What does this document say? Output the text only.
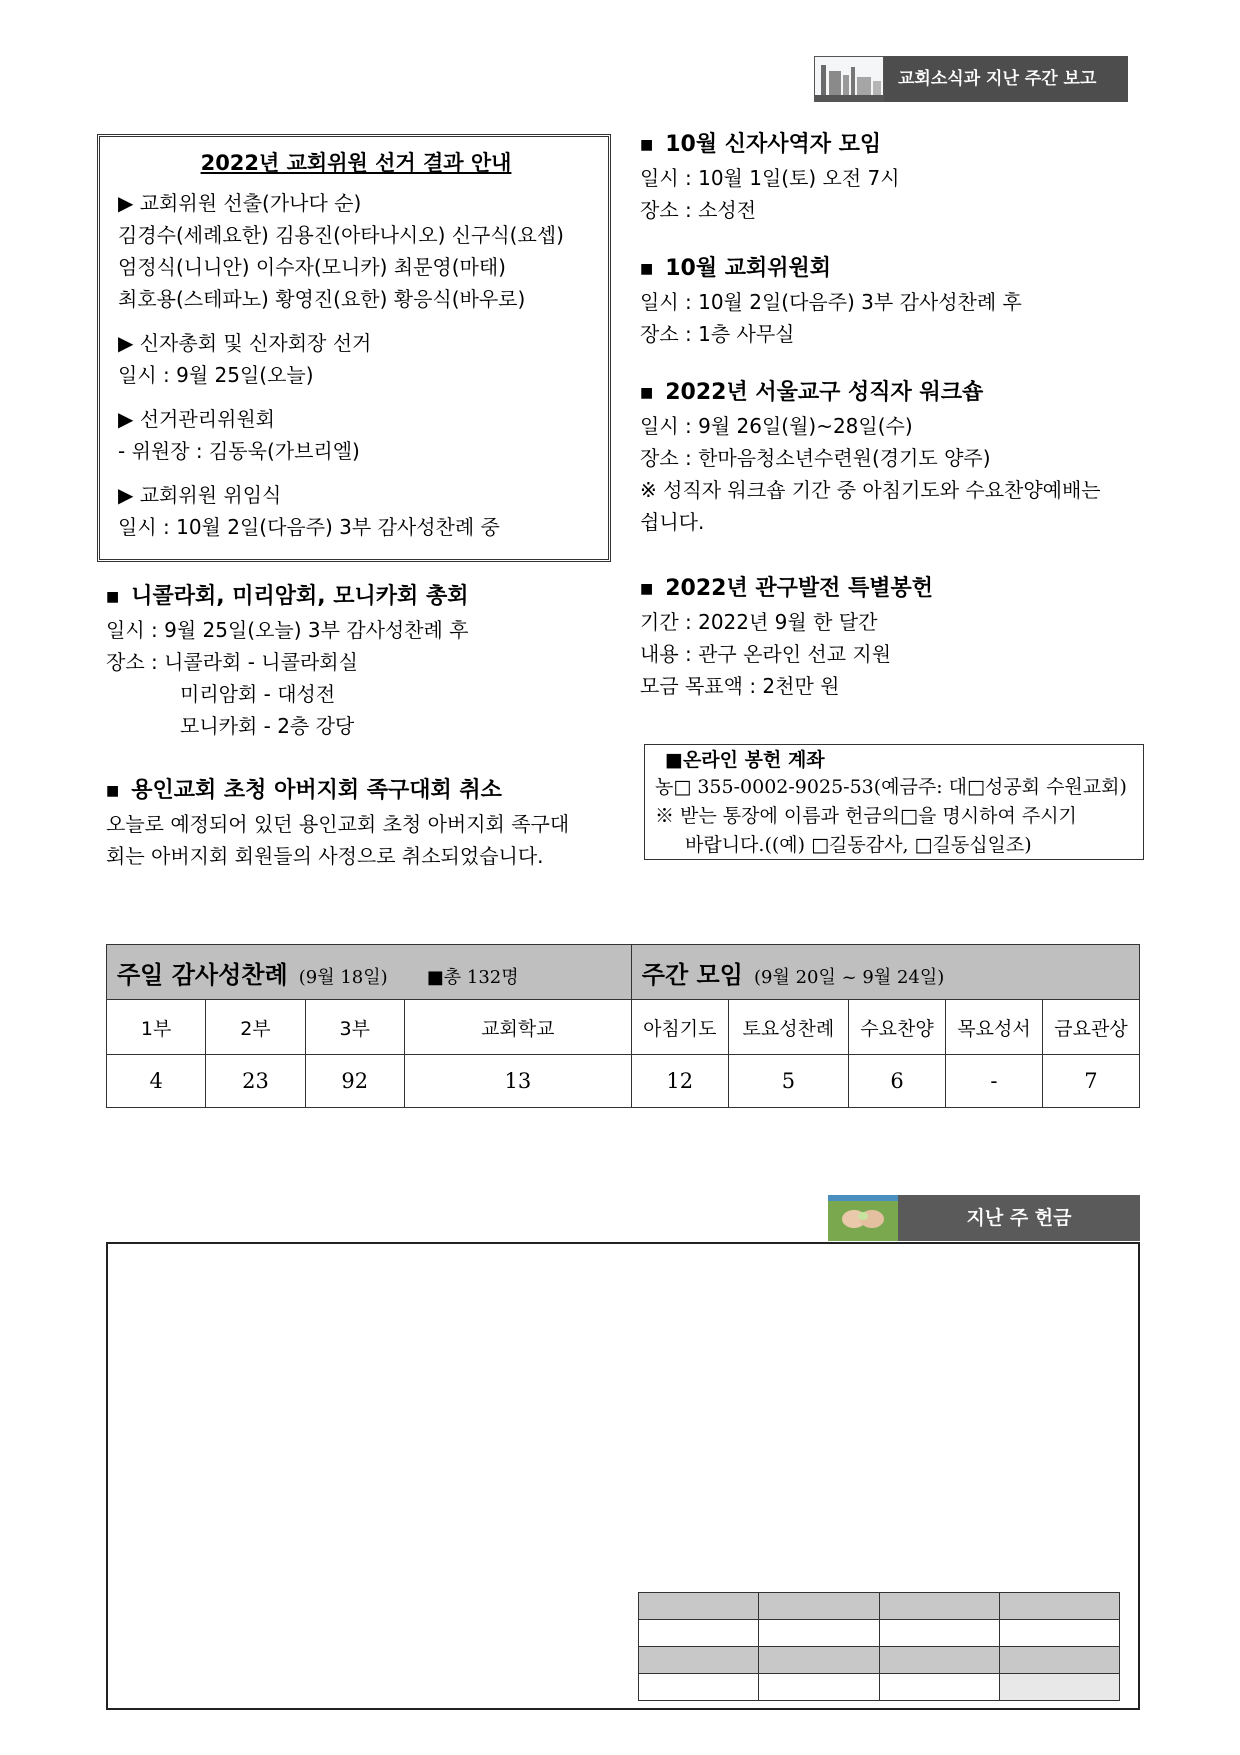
교회소식과 지난 주간 보고
2022년 교회위원 선거 결과 안내
▶ 교회위원 선출(가나다 순)
김경수(세례요한) 김용진(아타나시오) 신구식(요셉)
엄정식(니니안) 이수자(모니카) 최문영(마태)
최호용(스테파노) 황영진(요한) 황응식(바우로)
▶ 신자총회 및 신자회장 선거
일시 : 9월 25일(오늘)
▶ 선거관리위원회
- 위원장 : 김동욱(가브리엘)
▶ 교회위원 위임식
일시 : 10월 2일(다음주) 3부 감사성찬례 중
■ 니콜라회, 미리암회, 모니카회 총회
일시 : 9월 25일(오늘) 3부 감사성찬례 후
장소 : 니콜라회 - 니콜라회실
미리암회 - 대성전
모니카회 - 2층 강당
■ 용인교회 초청 아버지회 족구대회 취소
오늘로 예정되어 있던 용인교회 초청 아버지회 족구대
회는 아버지회 회원들의 사정으로 취소되었습니다.
■ 10월 신자사역자 모임
일시 : 10월 1일(토) 오전 7시
장소 : 소성전
■ 10월 교회위원회
일시 : 10월 2일(다음주) 3부 감사성찬례 후
장소 : 1층 사무실
■ 2022년 서울교구 성직자 워크숍
일시 : 9월 26일(월)~28일(수)
장소 : 한마음청소년수련원(경기도 양주)
※ 성직자 워크숍 기간 중 아침기도와 수요찬양예배는
쉽니다.
■ 2022년 관구발전 특별봉헌
기간 : 2022년 9월 한 달간
내용 : 관구 온라인 선교 지원
모금 목표액 : 2천만 원
■온라인 봉헌 계좌
농□ 355-0002-9025-53(예금주: 대□성공회 수원교회)
※ 받는 통장에 이름과 헌금의□을 명시하여 주시기
바랍니다.((예) □길동감사, □길동십일조)
주일 감사성찬례 (9월 18일) ■총 132명				주간 모임 (9월 20일 ~ 9월 24일)				
1부	2부	3부	교회학교	아침기도	토요성찬례	수요찬양	목요성서	금요관상
4	23	92	13	12	5	6	-	7
지난 주 헌금
